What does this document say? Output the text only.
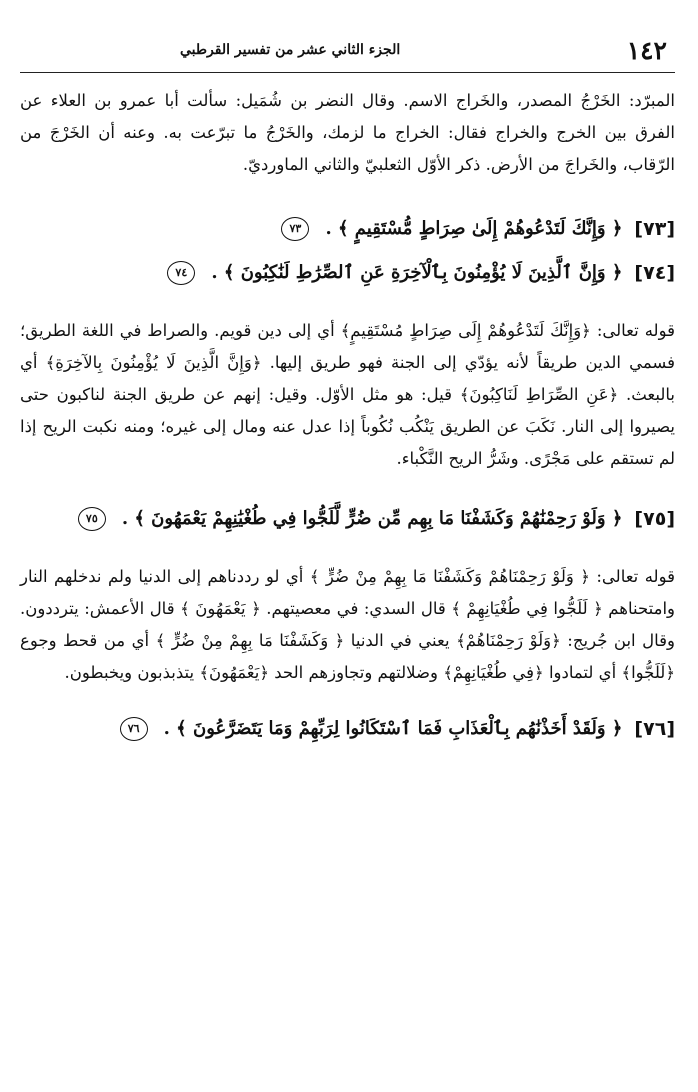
١٤٢
الجزء الثاني عشر من تفسير القرطبي

المبرّد: الخَرْجُ المصدر، والخَراج الاسم. وقال النضر بن شُمَيل: سألت أبا عمرو بن العلاء عن الفرق بين الخرج والخراج فقال: الخراج ما لزمك، والخَرْجُ ما تبرّعت به. وعنه أن الخَرْجَ من الرّقاب، والخَراجَ من الأرض. ذكر الأوّل الثعلبيّ والثاني الماورديّ.

[٧٣]
﴿ وَإِنَّكَ لَتَدْعُوهُمْ إِلَىٰ صِرَاطٍ مُّسْتَقِيمٍ ﴾ .
٧٣

[٧٤]
﴿ وَإِنَّ ٱلَّذِينَ لَا يُؤْمِنُونَ بِٱلْآخِرَةِ عَنِ ٱلصِّرَٰطِ لَنَٰكِبُونَ ﴾ .
٧٤

قوله تعالى: ﴿وَإِنَّكَ لَتَدْعُوهُمْ إِلَى صِرَاطٍ مُسْتَقِيمٍ﴾ أي إلى دين قويم. والصراط في اللغة الطريق؛ فسمي الدين طريقاً لأنه يؤدّي إلى الجنة فهو طريق إليها. ﴿وَإِنَّ الَّذِينَ لَا يُؤْمِنُونَ بِالآخِرَةِ﴾ أي بالبعث. ﴿عَنِ الصِّرَاطِ لَنَاكِبُونَ﴾ قيل: هو مثل الأوّل. وقيل: إنهم عن طريق الجنة لناكبون حتى يصيروا إلى النار. نَكَبَ عن الطريق يَنْكُب نُكُوباً إذا عدل عنه ومال إلى غيره؛ ومنه نكبت الريح إذا لم تستقم على مَجْرًى. وشَرُّ الريح النَّكْباء.

[٧٥]
﴿ وَلَوْ رَحِمْنَٰهُمْ وَكَشَفْنَا مَا بِهِم مِّن ضُرٍّ لَّلَجُّوا فِي طُغْيَٰنِهِمْ يَعْمَهُونَ ﴾ .
٧٥

قوله تعالى: ﴿ وَلَوْ رَحِمْنَاهُمْ وَكَشَفْنَا مَا بِهِمْ مِنْ ضُرٍّ ﴾ أي لو رددناهم إلى الدنيا ولم ندخلهم النار وامتحناهم ﴿ لَلَجُّوا فِي طُغْيَانِهِمْ ﴾ قال السدي: في معصيتهم. ﴿ يَعْمَهُونَ ﴾ قال الأعمش: يترددون. وقال ابن جُريج: ﴿وَلَوْ رَحِمْنَاهُمْ﴾ يعني في الدنيا ﴿ وَكَشَفْنَا مَا بِهِمْ مِنْ ضُرٍّ ﴾ أي من قحط وجوع ﴿لَلَجُّوا﴾ أي لتمادوا ﴿فِي طُغْيَانِهِمْ﴾ وضلالتهم وتجاوزهم الحد ﴿يَعْمَهُونَ﴾ يتذبذبون ويخبطون.

[٧٦]
﴿ وَلَقَدْ أَخَذْنَٰهُم بِٱلْعَذَابِ فَمَا ٱسْتَكَانُوا لِرَبِّهِمْ وَمَا يَتَضَرَّعُونَ ﴾ .
٧٦
